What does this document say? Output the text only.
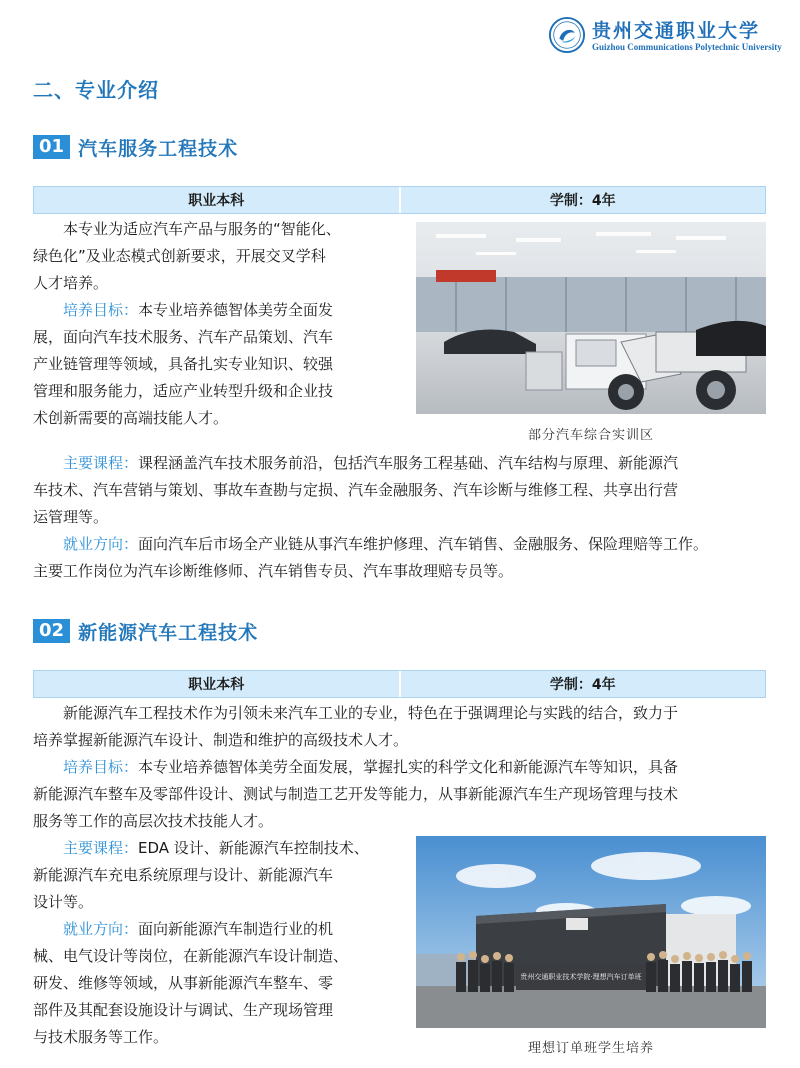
贵州交通职业大学
Guizhou Communications Polytechnic University
二、专业介绍
01 汽车服务工程技术
职业本科	学制：4年
本专业为适应汽车产品与服务的“智能化、
绿色化”及业态模式创新要求，开展交叉学科
人才培养。
培养目标：本专业培养德智体美劳全面发
展，面向汽车技术服务、汽车产品策划、汽车
产业链管理等领域，具备扎实专业知识、较强
管理和服务能力，适应产业转型升级和企业技
术创新需要的高端技能人才。
部分汽车综合实训区
主要课程：课程涵盖汽车技术服务前沿，包括汽车服务工程基础、汽车结构与原理、新能源汽
车技术、汽车营销与策划、事故车查勘与定损、汽车金融服务、汽车诊断与维修工程、共享出行营
运管理等。
就业方向：面向汽车后市场全产业链从事汽车维护修理、汽车销售、金融服务、保险理赔等工作。
主要工作岗位为汽车诊断维修师、汽车销售专员、汽车事故理赔专员等。
02 新能源汽车工程技术
职业本科	学制：4年
新能源汽车工程技术作为引领未来汽车工业的专业，特色在于强调理论与实践的结合，致力于
培养掌握新能源汽车设计、制造和维护的高级技术人才。
培养目标：本专业培养德智体美劳全面发展，掌握扎实的科学文化和新能源汽车等知识，具备
新能源汽车整车及零部件设计、测试与制造工艺开发等能力，从事新能源汽车生产现场管理与技术
服务等工作的高层次技术技能人才。
主要课程：EDA 设计、新能源汽车控制技术、
新能源汽车充电系统原理与设计、新能源汽车
设计等。
就业方向：面向新能源汽车制造行业的机
械、电气设计等岗位，在新能源汽车设计制造、
研发、维修等领域，从事新能源汽车整车、零
部件及其配套设施设计与调试、生产现场管理
与技术服务等工作。
贵州交通职业技术学院·理想汽车订单班
理想订单班学生培养
